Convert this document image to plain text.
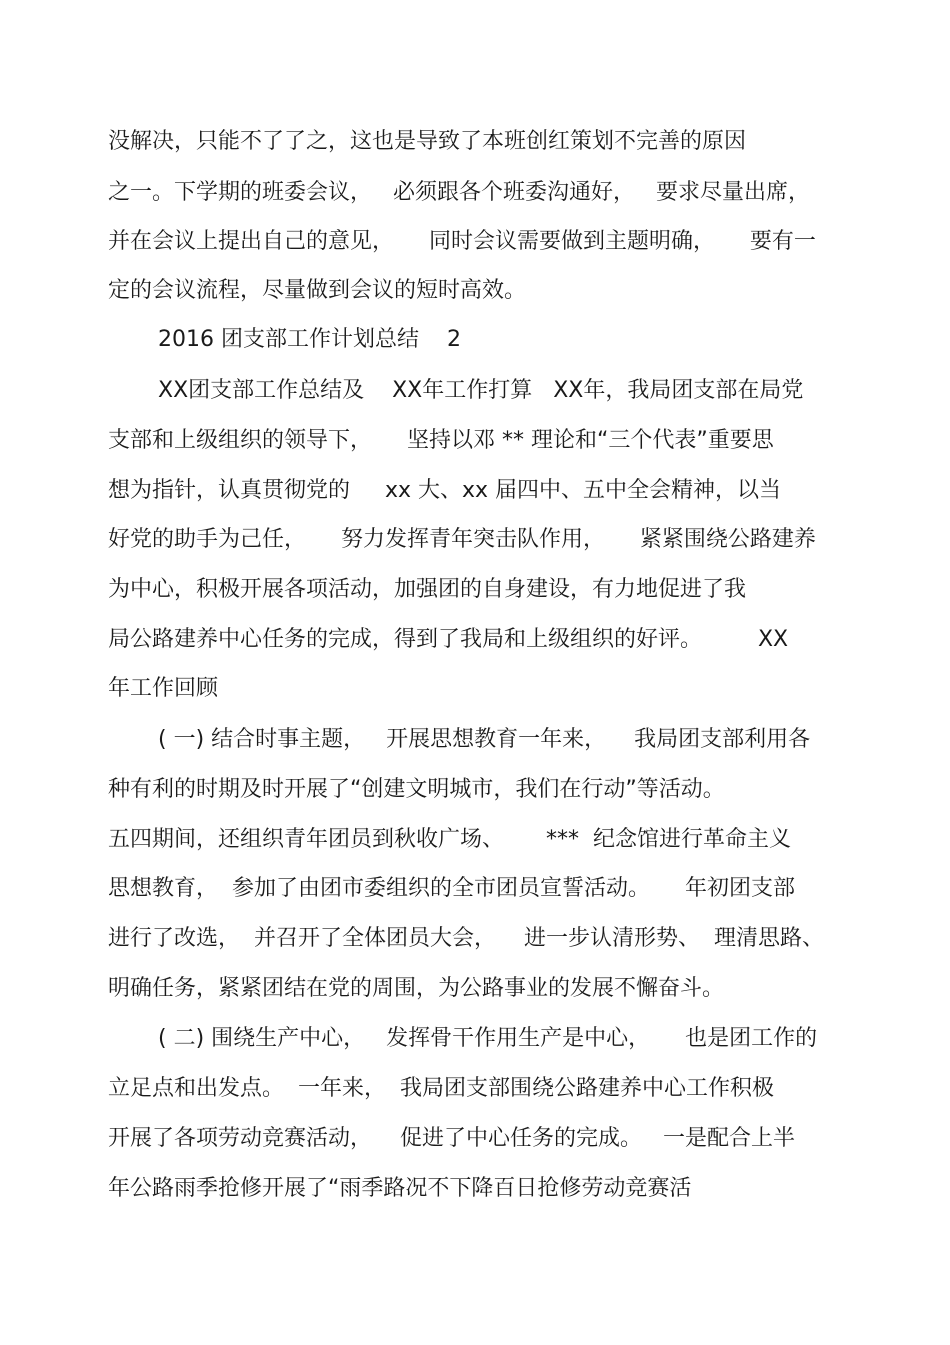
没解决，只能不了了之，这也是导致了本班创红策划不完善的原因
之一。下学期的班委会议，   必须跟各个班委沟通好，   要求尽量出席，
并在会议上提出自己的意见，     同时会议需要做到主题明确，     要有一
定的会议流程，尽量做到会议的短时高效。
2016 团支部工作计划总结    2
XX团支部工作总结及    XX年工作打算   XX年，我局团支部在局党
支部和上级组织的领导下，     坚持以邓 ** 理论和“三个代表”重要思
想为指针，认真贯彻党的     xx 大、xx 届四中、五中全会精神，以当
好党的助手为己任，     努力发挥青年突击队作用，     紧紧围绕公路建养
为中心，积极开展各项活动，加强团的自身建设，有力地促进了我
局公路建养中心任务的完成，得到了我局和上级组织的好评。        XX
年工作回顾
( 一) 结合时事主题，   开展思想教育一年来，    我局团支部利用各
种有利的时期及时开展了“创建文明城市，我们在行动”等活动。
五四期间，还组织青年团员到秋收广场、      ***  纪念馆进行革命主义
思想教育，  参加了由团市委组织的全市团员宣誓活动。     年初团支部
进行了改选，  并召开了全体团员大会，    进一步认清形势、  理清思路、
明确任务，紧紧团结在党的周围，为公路事业的发展不懈奋斗。
( 二) 围绕生产中心，   发挥骨干作用生产是中心，     也是团工作的
立足点和出发点。  一年来，  我局团支部围绕公路建养中心工作积极
开展了各项劳动竞赛活动，    促进了中心任务的完成。   一是配合上半
年公路雨季抢修开展了“雨季路况不下降百日抢修劳动竞赛活
